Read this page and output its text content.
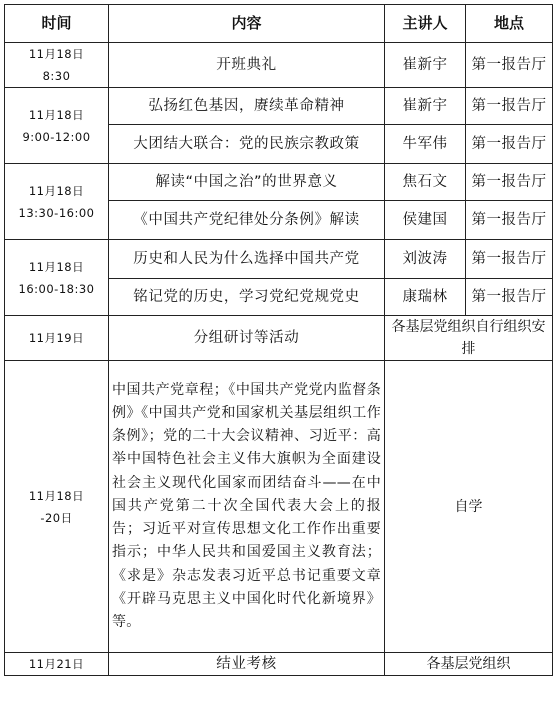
时间	内容	主讲人	地点

11月18日
8:30	开班典礼	崔新宇	第一报告厅

11月18日
9:00-12:00	弘扬红色基因，赓续革命精神	崔新宇	第一报告厅
	大团结大联合：党的民族宗教政策	牛军伟	第一报告厅

11月18日
13:30-16:00	解读“中国之治”的世界意义	焦石文	第一报告厅
	《中国共产党纪律处分条例》解读	侯建国	第一报告厅

11月18日
16:00-18:30	历史和人民为什么选择中国共产党	刘波涛	第一报告厅
	铭记党的历史，学习党纪党规党史	康瑞林	第一报告厅
11月19日	分组研讨等活动	各基层党组织自行组织安排	

11月18日
-20日	中国共产党章程；《中国共产党党内监督条例》《中国共产党和国家机关基层组织工作条例》；党的二十大会议精神、习近平：高举中国特色社会主义伟大旗帜为全面建设社会主义现代化国家而团结奋斗——在中国共产党第二十次全国代表大会上的报告；习近平对宣传思想文化工作作出重要指示；中华人民共和国爱国主义教育法；《求是》杂志发表习近平总书记重要文章《开辟马克思主义中国化时代化新境界》等。	自学	
11月21日	结业考核	各基层党组织	
